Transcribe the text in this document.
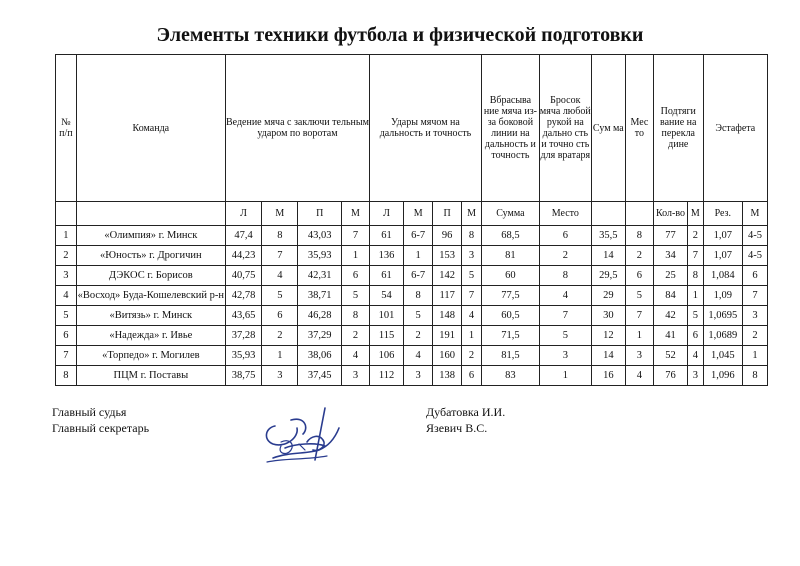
Элементы техники футбола и физической подготовки
№ п/п	Команда	Ведение мяча с заключи тельным ударом по воротам				Удары мячом на дальность и точность				Вбрасыва ние мяча из-за боковой линии на дальность и точность	Бросок мяча любой рукой на дально сть и точно сть для вратаря	Сум ма	Мес то	Подтяги вание на перекла дине		Эстафета	
		Л	М	П	М	Л	М	П	М	Сумма	Место			Кол-во	М	Рез.	М
1	«Олимпия» г. Минск	47,4	8	43,03	7	61	6-7	96	8	68,5	6	35,5	8	77	2	1,07	4-5
2	«Юность» г. Дрогичин	44,23	7	35,93	1	136	1	153	3	81	2	14	2	34	7	1,07	4-5
3	ДЭКОС г. Борисов	40,75	4	42,31	6	61	6-7	142	5	60	8	29,5	6	25	8	1,084	6
4	«Восход» Буда-Кошелевский р-н	42,78	5	38,71	5	54	8	117	7	77,5	4	29	5	84	1	1,09	7
5	«Витязь» г. Минск	43,65	6	46,28	8	101	5	148	4	60,5	7	30	7	42	5	1,0695	3
6	«Надежда» г. Ивье	37,28	2	37,29	2	115	2	191	1	71,5	5	12	1	41	6	1,0689	2
7	«Торпедо» г. Могилев	35,93	1	38,06	4	106	4	160	2	81,5	3	14	3	52	4	1,045	1
8	ПЦМ г. Поставы	38,75	3	37,45	3	112	3	138	6	83	1	16	4	76	3	1,096	8
Главный судья
Главный секретарь
Дубатовка И.И.
Язевич В.С.
